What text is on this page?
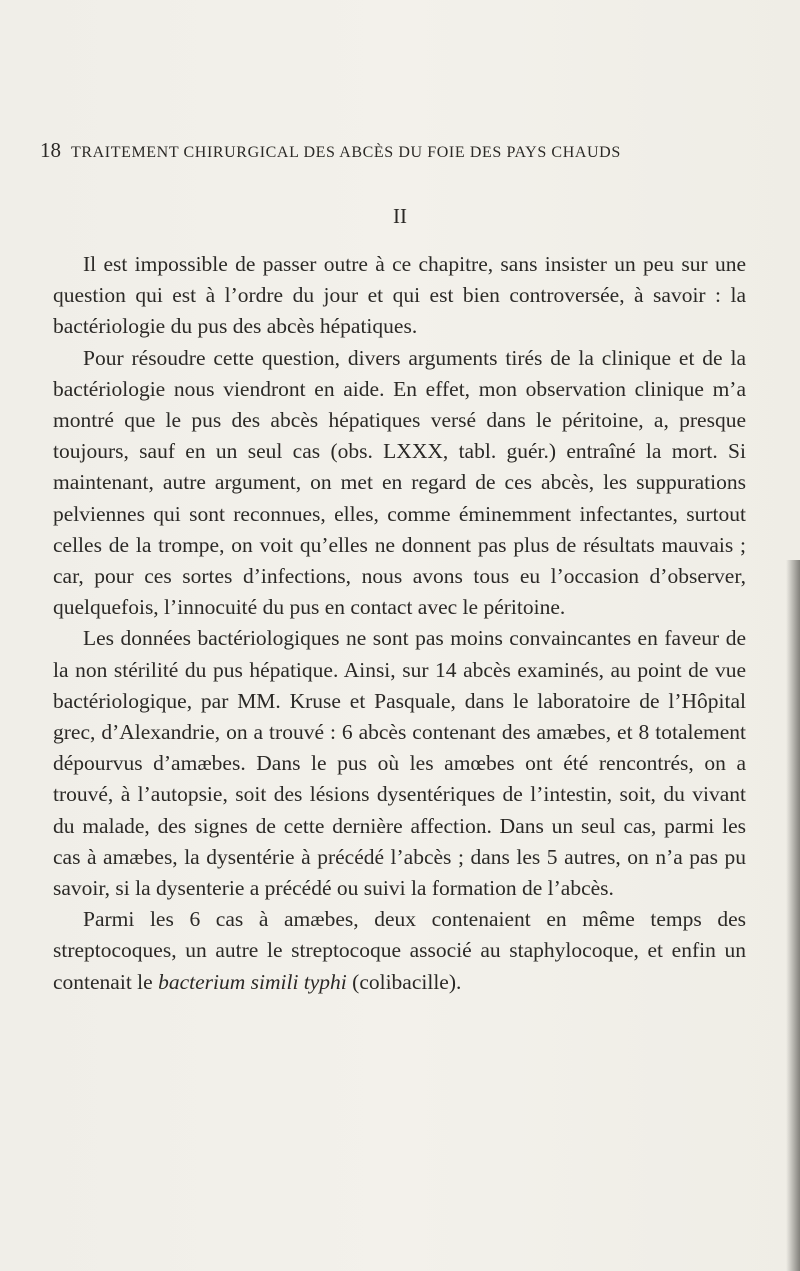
18 TRAITEMENT CHIRURGICAL DES ABCÈS DU FOIE DES PAYS CHAUDS
II

Il est impossible de passer outre à ce chapitre, sans insister un peu sur une question qui est à l’ordre du jour et qui est bien controversée, à savoir : la bactériologie du pus des abcès hépatiques.

Pour résoudre cette question, divers arguments tirés de la clinique et de la bactériologie nous viendront en aide. En effet, mon observation clinique m’a montré que le pus des abcès hépatiques versé dans le péritoine, a, presque toujours, sauf en un seul cas (obs. LXXX, tabl. guér.) entraîné la mort. Si maintenant, autre argument, on met en regard de ces abcès, les suppurations pelviennes qui sont reconnues, elles, comme éminemment infectantes, surtout celles de la trompe, on voit qu’elles ne donnent pas plus de résultats mauvais ; car, pour ces sortes d’infections, nous avons tous eu l’occasion d’observer, quelquefois, l’innocuité du pus en contact avec le péritoine.

Les données bactériologiques ne sont pas moins convaincantes en faveur de la non stérilité du pus hépatique. Ainsi, sur 14 abcès examinés, au point de vue bactériologique, par MM. Kruse et Pasquale, dans le laboratoire de l’Hôpital grec, d’Alexandrie, on a trouvé : 6 abcès contenant des amæbes, et 8 totalement dépourvus d’amæbes. Dans le pus où les amœbes ont été rencontrés, on a trouvé, à l’autopsie, soit des lésions dysentériques de l’intestin, soit, du vivant du malade, des signes de cette dernière affection. Dans un seul cas, parmi les cas à amæbes, la dysentérie à précédé l’abcès ; dans les 5 autres, on n’a pas pu savoir, si la dysenterie a précédé ou suivi la formation de l’abcès.

Parmi les 6 cas à amæbes, deux contenaient en même temps des streptocoques, un autre le streptocoque associé au staphylocoque, et enfin un contenait le bacterium simili typhi (colibacille).
